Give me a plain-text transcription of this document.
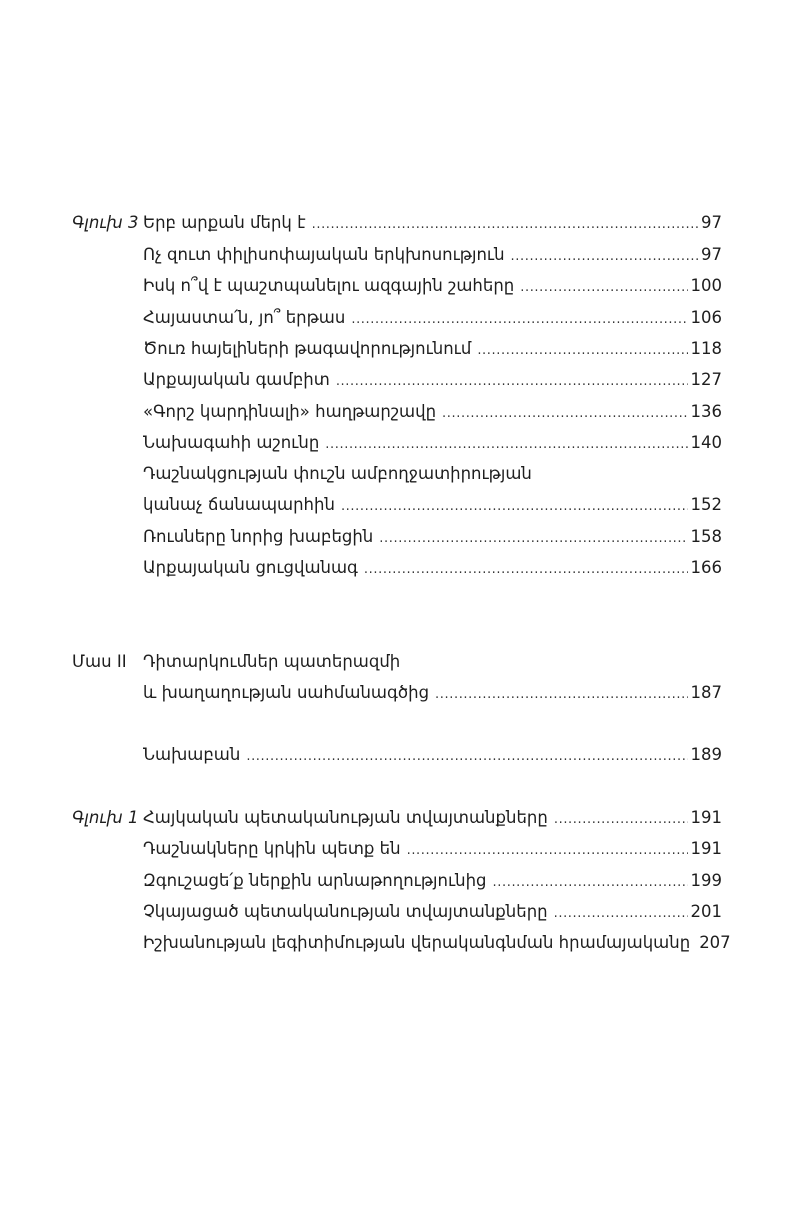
Գլուխ 3 Երբ արքան մերկ է .....	97
Ոչ զուտ փիլիսոփայական երկխոսություն .....	97
Իսկ ո՞վ է պաշտպանելու ազգային շահերը .....	100
Հայաստա՛ն, յո՞ երթաս .....	106
Ծուռ հայելիների թագավորությունում .....	118
Արքայական գամբիտ .....	127
«Գորշ կարդինալի» հաղթարշավը .....	136
Նախագահի աշունը .....	140
Դաշնակցության փուշն ամբողջատիրության
կանաչ ճանապարհին .....	152
Ռուսները նորից խաբեցին .....	158
Արքայական ցուցվանագ .....	166
Մաս II Դիտարկումներ պատերազմի
և խաղաղության սահմանագծից .....	187
Նախաբան .....	189
Գլուխ 1 Հայկական պետականության տվայտանքները .....	191
Դաշնակները կրկին պետք են .....	191
Զգուշացե՛ք ներքին արնաթողությունից .....	199
Չկայացած պետականության տվայտանքները .....	201
Իշխանության լեգիտիմության վերականգնման հրամայականը 207
